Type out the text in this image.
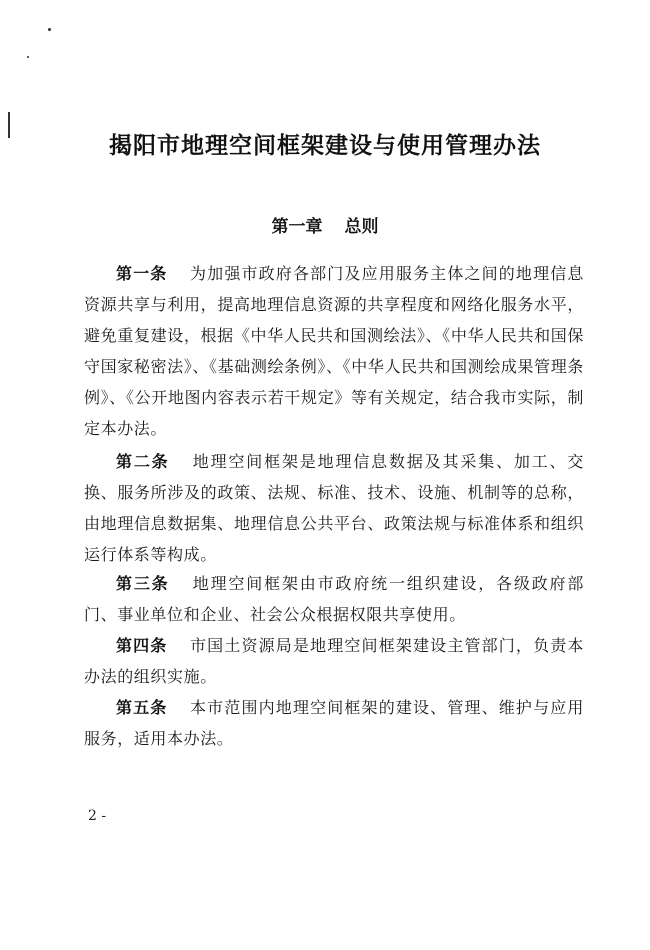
揭阳市地理空间框架建设与使用管理办法
第一章 总则

第一条 为加强市政府各部门及应用服务主体之间的地理信息资源共享与利用，提高地理信息资源的共享程度和网络化服务水平，避免重复建设，根据《中华人民共和国测绘法》、《中华人民共和国保守国家秘密法》、《基础测绘条例》、《中华人民共和国测绘成果管理条例》、《公开地图内容表示若干规定》等有关规定，结合我市实际，制定本办法。

第二条 地理空间框架是地理信息数据及其采集、加工、交换、服务所涉及的政策、法规、标准、技术、设施、机制等的总称，由地理信息数据集、地理信息公共平台、政策法规与标准体系和组织运行体系等构成。

第三条 地理空间框架由市政府统一组织建设，各级政府部门、事业单位和企业、社会公众根据权限共享使用。

第四条 市国土资源局是地理空间框架建设主管部门，负责本办法的组织实施。

第五条 本市范围内地理空间框架的建设、管理、维护与应用服务，适用本办法。

2 -
